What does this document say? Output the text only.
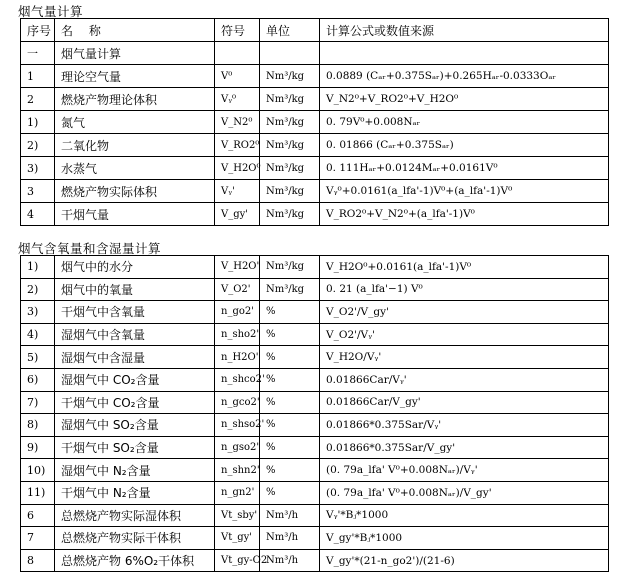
烟气量计算
序号	名　 称	符号	单位	计算公式或数值来源
一	烟气量计算			
1	理论空气量	V⁰	Nm³/kg	0.0889 (Cₐᵣ+0.375Sₐᵣ)+0.265Hₐᵣ-0.0333Oₐᵣ
2	燃烧产物理论体积	Vᵧ⁰	Nm³/kg	V_N2⁰+V_RO2⁰+V_H2O⁰
1)	氮气	V_N2⁰	Nm³/kg	0. 79V⁰+0.008Nₐᵣ
2)	二氧化物	V_RO2⁰	Nm³/kg	0. 01866 (Cₐᵣ+0.375Sₐᵣ)
3)	水蒸气	V_H2O⁰	Nm³/kg	0. 111Hₐᵣ+0.0124Mₐᵣ+0.0161V⁰
3	燃烧产物实际体积	Vᵧ'	Nm³/kg	Vᵧ⁰+0.0161(a_lfa'-1)V⁰+(a_lfa'-1)V⁰
4	干烟气量	V_gy'	Nm³/kg	V_RO2⁰+V_N2⁰+(a_lfa'-1)V⁰
烟气含氧量和含湿量计算
1)	烟气中的水分	V_H2O'	Nm³/kg	V_H2O⁰+0.0161(a_lfa'-1)V⁰
2)	烟气中的氧量	V_O2'	Nm³/kg	0. 21 (a_lfa'−1) V⁰
3)	干烟气中含氧量	n_go2'	%	V_O2'/V_gy'
4)	湿烟气中含氧量	n_sho2'	%	V_O2'/Vᵧ'
5)	湿烟气中含湿量	n_H2O'	%	V_H2O/Vᵧ'
6)	湿烟气中 CO₂含量	n_shco2'	%	0.01866Car/Vᵧ'
7)	干烟气中 CO₂含量	n_gco2'	%	0.01866Car/V_gy'
8)	湿烟气中 SO₂含量	n_shso2'	%	0.01866*0.375Sar/Vᵧ'
9)	干烟气中 SO₂含量	n_gso2'	%	0.01866*0.375Sar/V_gy'
10)	湿烟气中 N₂含量	n_shn2'	%	(0. 79a_lfa' V⁰+0.008Nₐᵣ)/Vᵧ'
11)	干烟气中 N₂含量	n_gn2'	%	(0. 79a_lfa' V⁰+0.008Nₐᵣ)/V_gy'
6	总燃烧产物实际湿体积	Vt_sby'	Nm³/h	Vᵧ'*Bⱼ*1000
7	总燃烧产物实际干体积	Vt_gy'	Nm³/h	V_gy'*Bⱼ*1000
8	总燃烧产物 6%O₂干体积	Vt_gy-O2	Nm³/h	V_gy'*(21-n_go2')/(21-6)
